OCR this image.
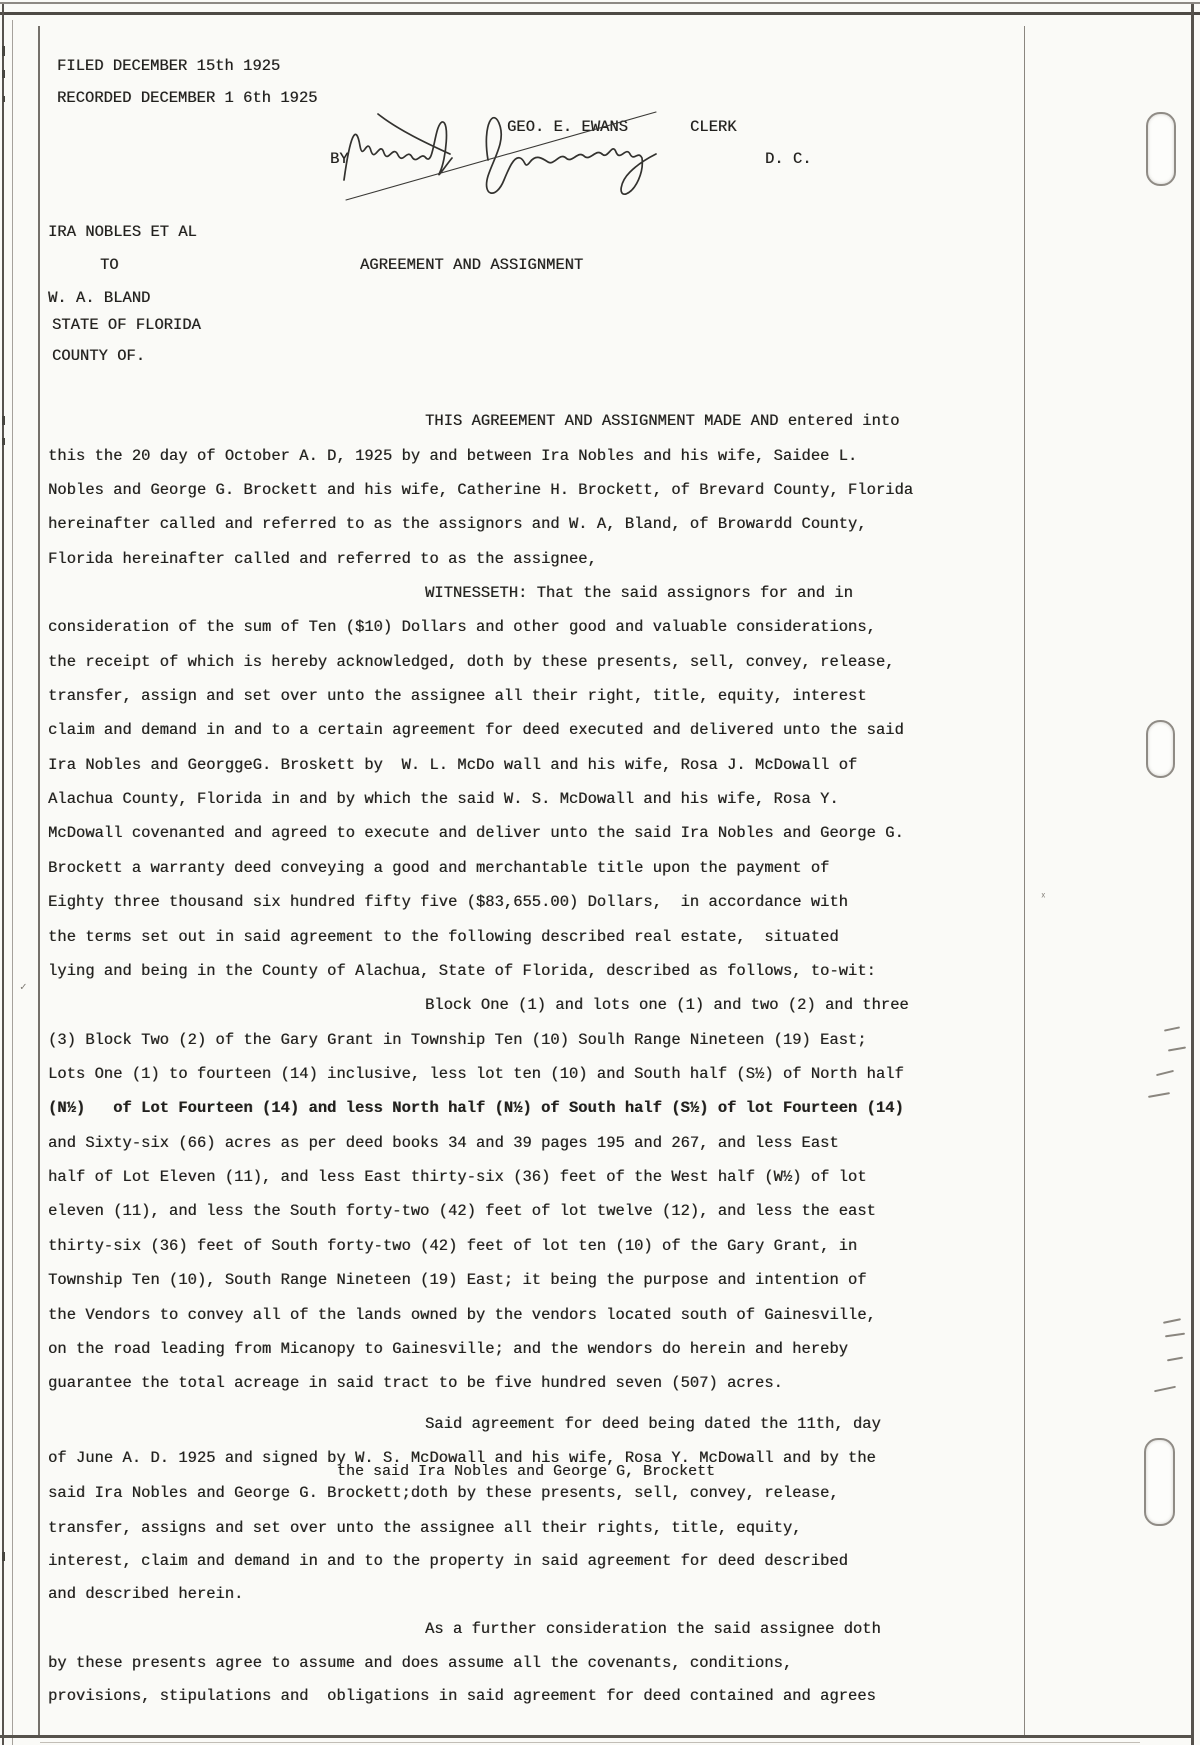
FILED DECEMBER 15th 1925
RECORDED DECEMBER 1 6th 1925
GEO. E. EWANS	CLERK
BY	D. C.
IRA NOBLES ET AL
TO	AGREEMENT AND ASSIGNMENT
W. A. BLAND
STATE OF FLORIDA
COUNTY OF.
THIS AGREEMENT AND ASSIGNMENT MADE AND entered into
this the 20 day of October A. D, 1925 by and between Ira Nobles and his wife, Saidee L.
Nobles and George G. Brockett and his wife, Catherine H. Brockett, of Brevard County, Florida
hereinafter called and referred to as the assignors and W. A, Bland, of Browardd County,
Florida hereinafter called and referred to as the assignee,
WITNESSETH: That the said assignors for and in
consideration of the sum of Ten ($10) Dollars and other good and valuable considerations,
the receipt of which is hereby acknowledged, doth by these presents, sell, convey, release,
transfer, assign and set over unto the assignee all their right, title, equity, interest
claim and demand in and to a certain agreement for deed executed and delivered unto the said
Ira Nobles and GeorggeG. Broskett by  W. L. McDo wall and his wife, Rosa J. McDowall of
Alachua County, Florida in and by which the said W. S. McDowall and his wife, Rosa Y.
McDowall covenanted and agreed to execute and deliver unto the said Ira Nobles and George G.
Brockett a warranty deed conveying a good and merchantable title upon the payment of
Eighty three thousand six hundred fifty five ($83,655.00) Dollars,  in accordance with
the terms set out in said agreement to the following described real estate,  situated
lying and being in the County of Alachua, State of Florida, described as follows, to-wit:
Block One (1) and lots one (1) and two (2) and three
(3) Block Two (2) of the Gary Grant in Township Ten (10) Soulh Range Nineteen (19) East;
Lots One (1) to fourteen (14) inclusive, less lot ten (10) and South half (S½) of North half
(N½)   of Lot Fourteen (14) and less North half (N½) of South half (S½) of lot Fourteen (14)
and Sixty-six (66) acres as per deed books 34 and 39 pages 195 and 267, and less East
half of Lot Eleven (11), and less East thirty-six (36) feet of the West half (W½) of lot
eleven (11), and less the South forty-two (42) feet of lot twelve (12), and less the east
thirty-six (36) feet of South forty-two (42) feet of lot ten (10) of the Gary Grant, in
Township Ten (10), South Range Nineteen (19) East; it being the purpose and intention of
the Vendors to convey all of the lands owned by the vendors located south of Gainesville,
on the road leading from Micanopy to Gainesville; and the wendors do herein and hereby
guarantee the total acreage in said tract to be five hundred seven (507) acres.
Said agreement for deed being dated the 11th, day
of June A. D. 1925 and signed by W. S. McDowall and his wife, Rosa Y. McDowall and by the
the said Ira Nobles and George G, Brockett
said Ira Nobles and George G. Brockett;doth by these presents, sell, convey, release,
transfer, assigns and set over unto the assignee all their rights, title, equity,
interest, claim and demand in and to the property in said agreement for deed described
and described herein.
As a further consideration the said assignee doth
by these presents agree to assume and does assume all the covenants, conditions,
provisions, stipulations and  obligations in said agreement for deed contained and agrees
✓
ˣ
